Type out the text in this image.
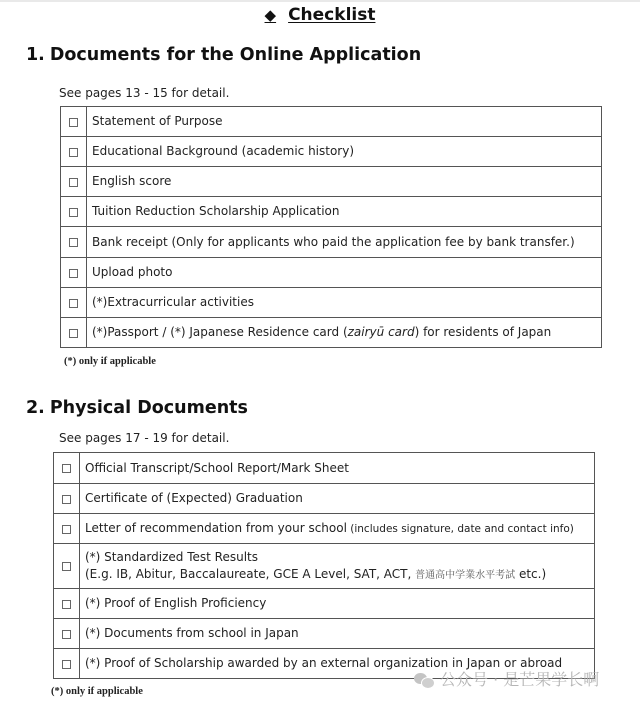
◆ Checklist
1. Documents for the Online Application
See pages 13 - 15 for detail.
	Statement of Purpose
	Educational Background (academic history)
	English score
	Tuition Reduction Scholarship Application
	Bank receipt (Only for applicants who paid the application fee by bank transfer.)
	Upload photo
	(*)Extracurricular activities
	(*)Passport / (*) Japanese Residence card (zairyū card) for residents of Japan
(*) only if applicable
2. Physical Documents
See pages 17 - 19 for detail.
	Official Transcript/School Report/Mark Sheet
	Certificate of (Expected) Graduation
	Letter of recommendation from your school (includes signature, date and contact info)

	(*) Standardized Test Results
(E.g. IB, Abitur, Baccalaureate, GCE A Level, SAT, ACT, 普通高中学業水平考試 etc.)

	(*) Proof of English Proficiency
	(*) Documents from school in Japan
	(*) Proof of Scholarship awarded by an external organization in Japan or abroad
(*) only if applicable
公众号 · 是芒果学长啊
